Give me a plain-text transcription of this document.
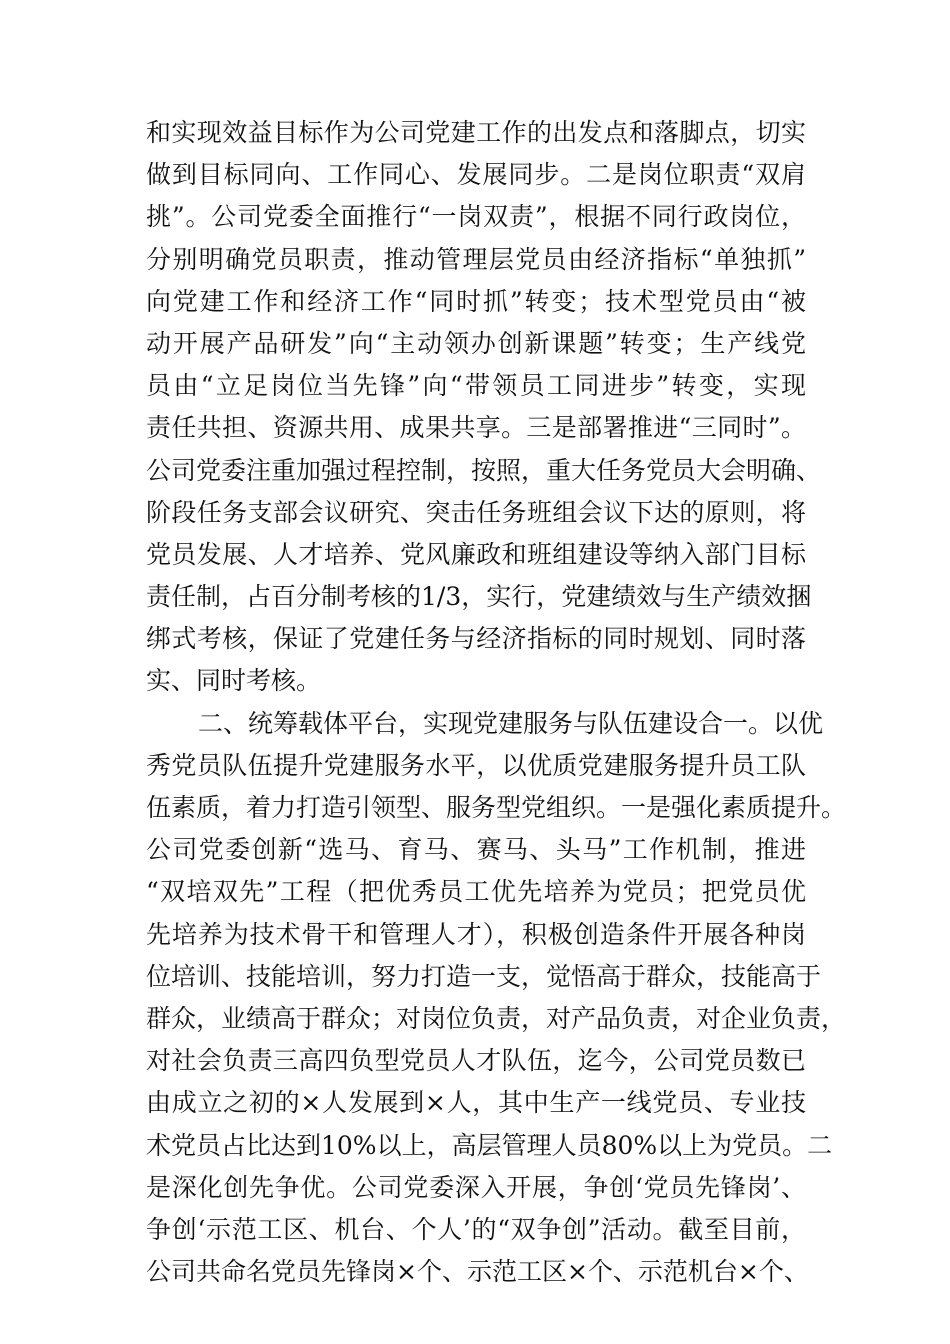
和实现效益目标作为公司党建工作的出发点和落脚点，切实
做到目标同向、工作同心、发展同步。二是岗位职责“双肩
挑”。公司党委全面推行“一岗双责”，根据不同行政岗位，
分别明确党员职责，推动管理层党员由经济指标“单独抓”
向党建工作和经济工作“同时抓”转变；技术型党员由“被
动开展产品研发”向“主动领办创新课题”转变；生产线党
员由“立足岗位当先锋”向“带领员工同进步”转变，实现
责任共担、资源共用、成果共享。三是部署推进“三同时”。
公司党委注重加强过程控制，按照，重大任务党员大会明确、
阶段任务支部会议研究、突击任务班组会议下达的原则，将
党员发展、人才培养、党风廉政和班组建设等纳入部门目标
责任制，占百分制考核的1/3，实行，党建绩效与生产绩效捆
绑式考核，保证了党建任务与经济指标的同时规划、同时落
实、同时考核。
二、统筹载体平台，实现党建服务与队伍建设合一。以优
秀党员队伍提升党建服务水平，以优质党建服务提升员工队
伍素质，着力打造引领型、服务型党组织。一是强化素质提升。
公司党委创新“选马、育马、赛马、头马”工作机制，推进
“双培双先”工程（把优秀员工优先培养为党员；把党员优
先培养为技术骨干和管理人才），积极创造条件开展各种岗
位培训、技能培训，努力打造一支，觉悟高于群众，技能高于
群众，业绩高于群众；对岗位负责，对产品负责，对企业负责，
对社会负责三高四负型党员人才队伍，迄今，公司党员数已
由成立之初的×人发展到×人，其中生产一线党员、专业技
术党员占比达到10%以上，高层管理人员80%以上为党员。二
是深化创先争优。公司党委深入开展，争创‘党员先锋岗’、
争创‘示范工区、机台、个人’的“双争创”活动。截至目前，
公司共命名党员先锋岗×个、示范工区×个、示范机台×个、
